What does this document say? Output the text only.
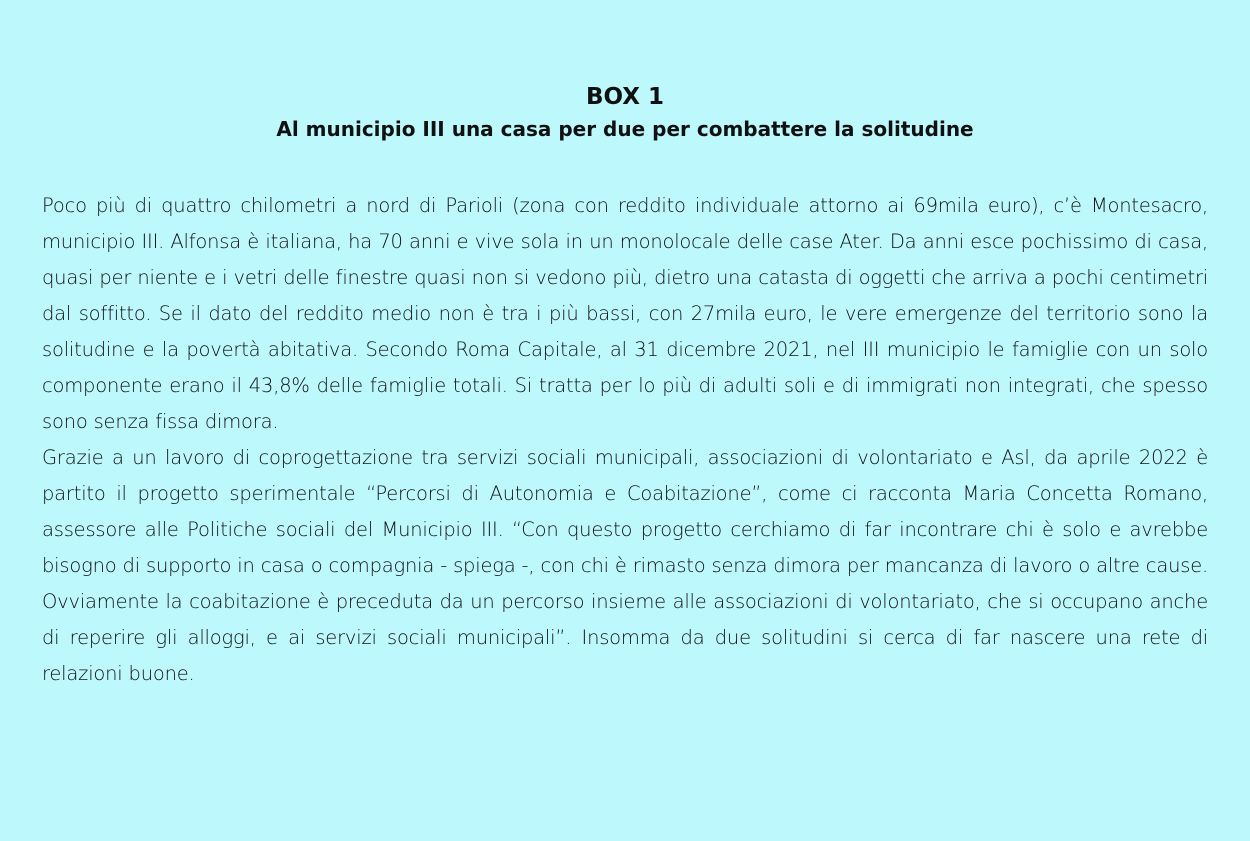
BOX 1
Al municipio III una casa per due per combattere la solitudine

Poco più di quattro chilometri a nord di Parioli (zona con reddito individuale attorno ai 69mila euro), c’è Montesacro, municipio III. Alfonsa è italiana, ha 70 anni e vive sola in un monolocale delle case Ater. Da anni esce pochissimo di casa, quasi per niente e i vetri delle finestre quasi non si vedono più, dietro una catasta di oggetti che arriva a pochi centimetri dal soffitto. Se il dato del reddito medio non è tra i più bassi, con 27mila euro, le vere emergenze del territorio sono la solitudine e la povertà abitativa. Secondo Roma Capitale, al 31 dicembre 2021, nel III municipio le famiglie con un solo componente erano il 43,8% delle famiglie totali. Si tratta per lo più di adulti soli e di immigrati non integrati, che spesso sono senza fissa dimora.

Grazie a un lavoro di coprogettazione tra servizi sociali municipali, associazioni di volontariato e Asl, da aprile 2022 è partito il progetto sperimentale “Percorsi di Autonomia e Coabitazione”, come ci racconta Maria Concetta Romano, assessore alle Politiche sociali del Municipio III. “Con questo progetto cerchiamo di far incontrare chi è solo e avrebbe bisogno di supporto in casa o compagnia - spiega -, con chi è rimasto senza dimora per mancanza di lavoro o altre cause. Ovviamente la coabitazione è preceduta da un percorso insieme alle associazioni di volontariato, che si occupano anche di reperire gli alloggi, e ai servizi sociali municipali”. Insomma da due solitudini si cerca di far nascere una rete di relazioni buone.
